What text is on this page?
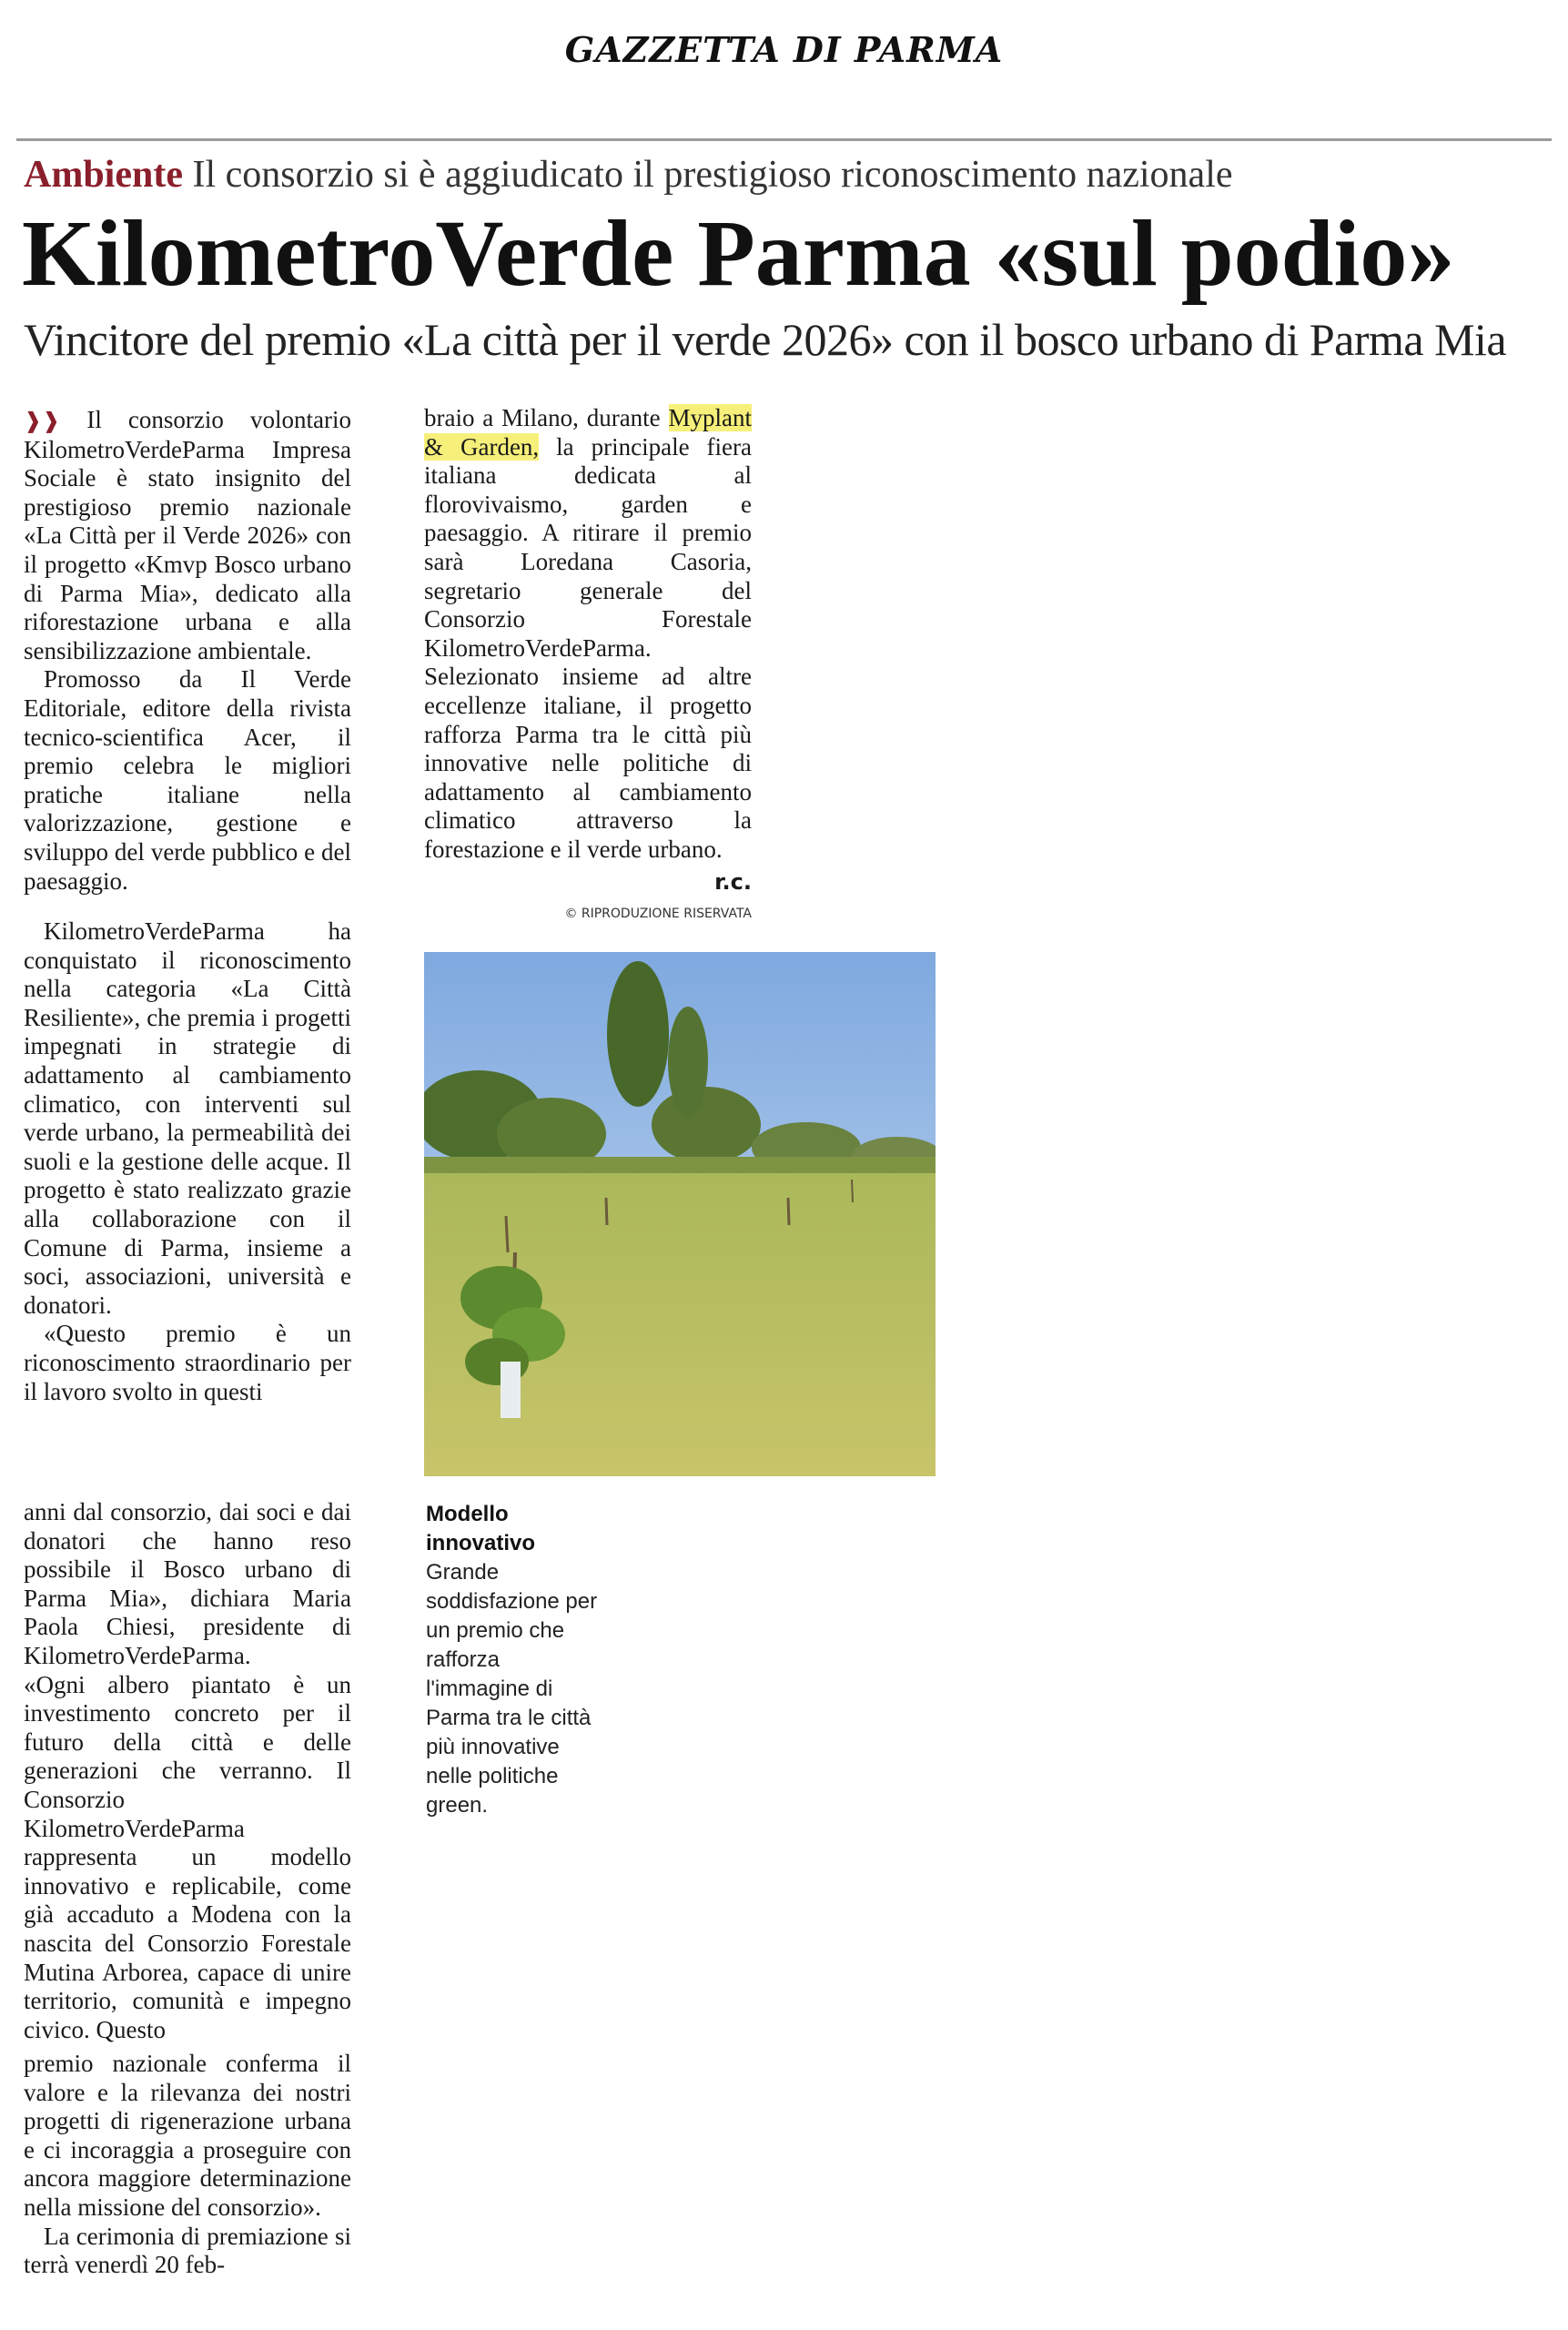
GAZZETTA DI PARMA
Ambiente Il consorzio si è aggiudicato il prestigioso riconoscimento nazionale
KilometroVerde Parma «sul podio»
Vincitore del premio «La città per il verde 2026» con il bosco urbano di Parma Mia

❱❱ Il consorzio volontario KilometroVerdeParma Impresa Sociale è stato insignito del prestigioso premio nazionale «La Città per il Verde 2026» con il progetto «Kmvp Bosco urbano di Parma Mia», dedicato alla riforestazione urbana e alla sensibilizzazione ambientale.

Promosso da Il Verde Editoriale, editore della rivista tecnico-scientifica Acer, il premio celebra le migliori pratiche italiane nella valorizzazione, gestione e sviluppo del verde pubblico e del paesaggio.

KilometroVerdeParma ha conquistato il riconoscimento nella categoria «La Città Resiliente», che premia i progetti impegnati in strategie di adattamento al cambiamento climatico, con interventi sul verde urbano, la permeabilità dei suoli e la gestione delle acque. Il progetto è stato realizzato grazie alla collaborazione con il Comune di Parma, insieme a soci, associazioni, università e donatori.

«Questo premio è un riconoscimento straordinario per il lavoro svolto in questi

anni dal consorzio, dai soci e dai donatori che hanno reso possibile il Bosco urbano di Parma Mia», dichiara Maria Paola Chiesi, presidente di KilometroVerdeParma.

«Ogni albero piantato è un investimento concreto per il futuro della città e delle generazioni che verranno. Il Consorzio KilometroVerdeParma rappresenta un modello innovativo e replicabile, come già accaduto a Modena con la nascita del Consorzio Forestale Mutina Arborea, capace di unire territorio, comunità e impegno civico. Questo

premio nazionale conferma il valore e la rilevanza dei nostri progetti di rigenerazione urbana e ci incoraggia a proseguire con ancora maggiore determinazione nella missione del consorzio».

La cerimonia di premiazione si terrà venerdì 20 feb-

braio a Milano, durante Myplant & Garden, la principale fiera italiana dedicata al florovivaismo, garden e paesaggio. A ritirare il premio sarà Loredana Casoria, segretario generale del Consorzio Forestale KilometroVerdeParma. Selezionato insieme ad altre eccellenze italiane, il progetto rafforza Parma tra le città più innovative nelle politiche di adattamento al cambiamento climatico attraverso la forestazione e il verde urbano.

r.c.
© RIPRODUZIONE RISERVATA
Modello innovativo
Grande soddisfazione per un premio che rafforza l'immagine di Parma tra le città più innovative nelle politiche green.
